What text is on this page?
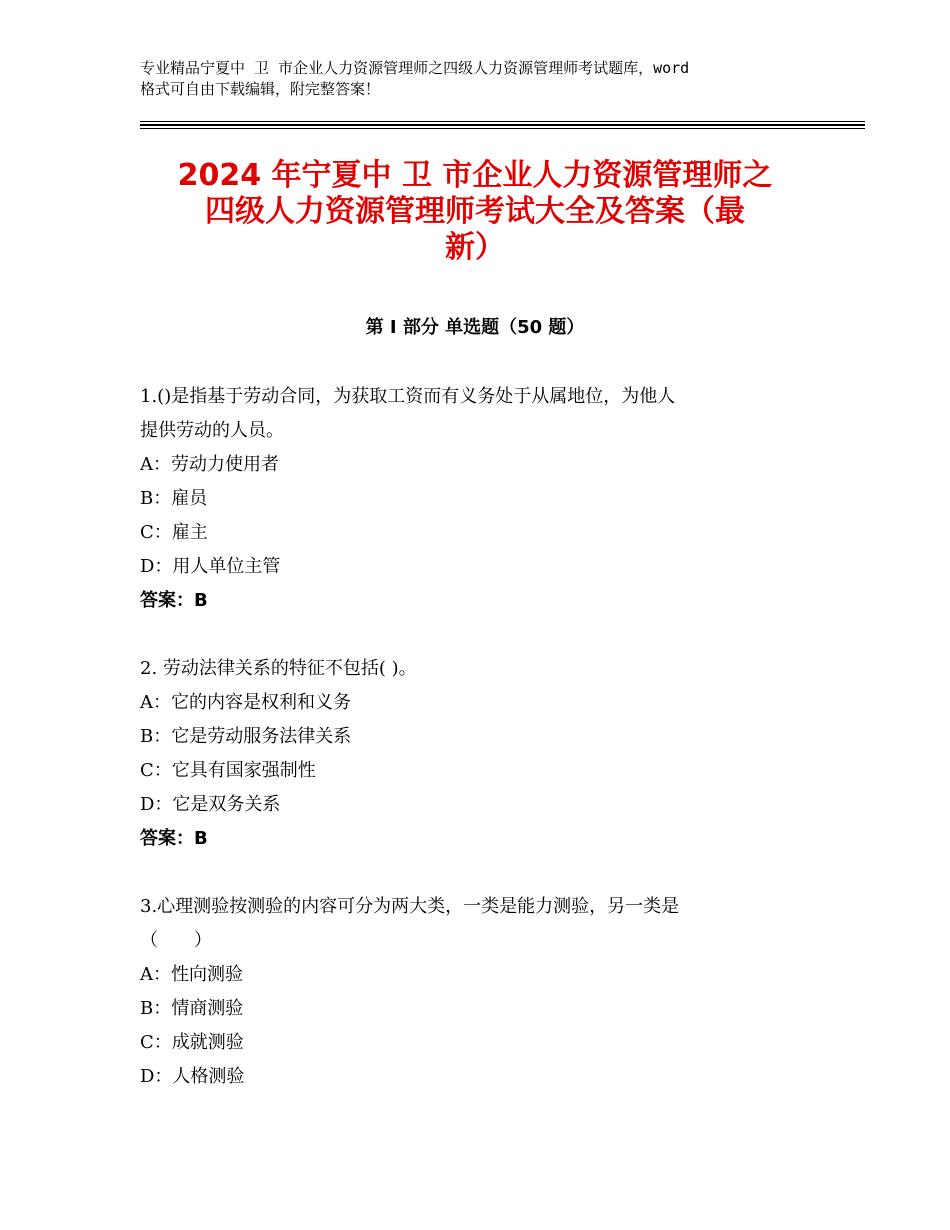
专业精品宁夏中 卫 市企业人力资源管理师之四级人力资源管理师考试题库，word
格式可自由下载编辑，附完整答案！
2024 年宁夏中 卫 市企业人力资源管理师之
四级人力资源管理师考试大全及答案（最
新）
第 I 部分 单选题（50 题）
1.()是指基于劳动合同，为获取工资而有义务处于从属地位，为他人
提供劳动的人员。
A：劳动力使用者
B：雇员
C：雇主
D：用人单位主管
答案：B
2. 劳动法律关系的特征不包括( )。
A：它的内容是权利和义务
B：它是劳动服务法律关系
C：它具有国家强制性
D：它是双务关系
答案：B
3.心理测验按测验的内容可分为两大类，一类是能力测验，另一类是
（　　）
A：性向测验
B：情商测验
C：成就测验
D：人格测验
